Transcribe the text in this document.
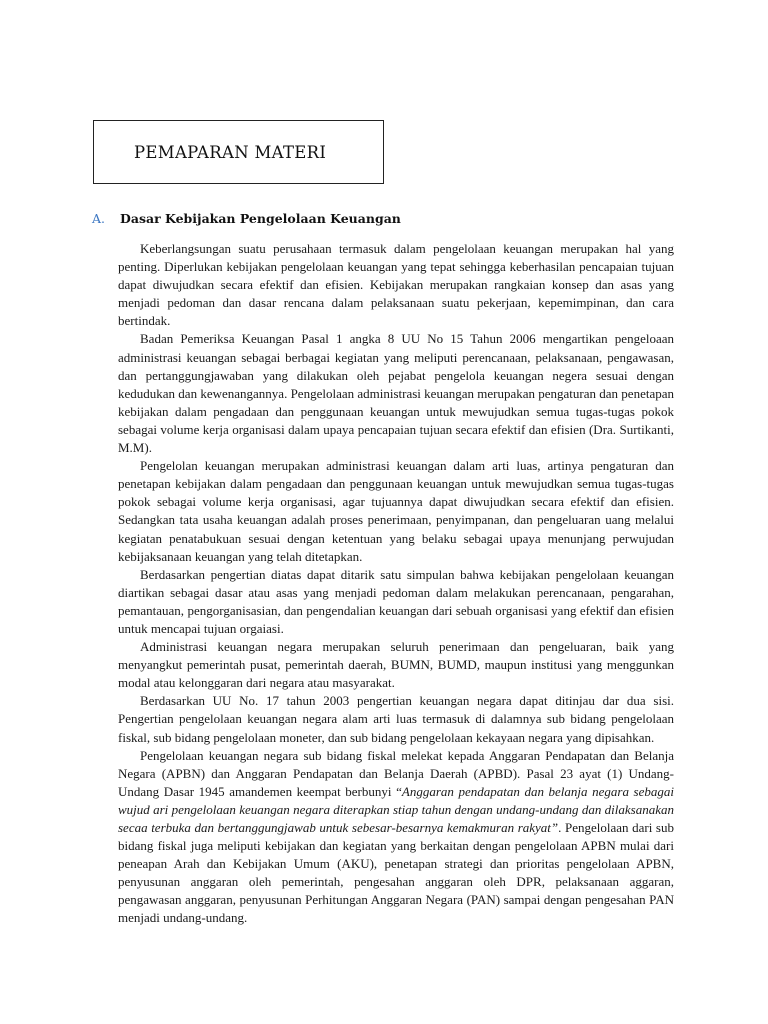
PEMAPARAN MATERI
A. Dasar Kebijakan Pengelolaan Keuangan

Keberlangsungan suatu perusahaan termasuk dalam pengelolaan keuangan merupakan hal yang penting. Diperlukan kebijakan pengelolaan keuangan yang tepat sehingga keberhasilan pencapaian tujuan dapat diwujudkan secara efektif dan efisien. Kebijakan merupakan rangkaian konsep dan asas yang menjadi pedoman dan dasar rencana dalam pelaksanaan suatu pekerjaan, kepemimpinan, dan cara bertindak.

Badan Pemeriksa Keuangan Pasal 1 angka 8 UU No 15 Tahun 2006 mengartikan pengeloaan administrasi keuangan sebagai berbagai kegiatan yang meliputi perencanaan, pelaksanaan, pengawasan, dan pertanggungjawaban yang dilakukan oleh pejabat pengelola keuangan negera sesuai dengan kedudukan dan kewenangannya. Pengelolaan administrasi keuangan merupakan pengaturan dan penetapan kebijakan dalam pengadaan dan penggunaan keuangan untuk mewujudkan semua tugas-tugas pokok sebagai volume kerja organisasi dalam upaya pencapaian tujuan secara efektif dan efisien (Dra. Surtikanti, M.M).

Pengelolan keuangan merupakan administrasi keuangan dalam arti luas, artinya pengaturan dan penetapan kebijakan dalam pengadaan dan penggunaan keuangan untuk mewujudkan semua tugas-tugas pokok sebagai volume kerja organisasi, agar tujuannya dapat diwujudkan secara efektif dan efisien. Sedangkan tata usaha keuangan adalah proses penerimaan, penyimpanan, dan pengeluaran uang melalui kegiatan penatabukuan sesuai dengan ketentuan yang belaku sebagai upaya menunjang perwujudan kebijaksanaan keuangan yang telah ditetapkan.

Berdasarkan pengertian diatas dapat ditarik satu simpulan bahwa kebijakan pengelolaan keuangan diartikan sebagai dasar atau asas yang menjadi pedoman dalam melakukan perencanaan, pengarahan, pemantauan, pengorganisasian, dan pengendalian keuangan dari sebuah organisasi yang efektif dan efisien untuk mencapai tujuan orgaiasi.

Administrasi keuangan negara merupakan seluruh penerimaan dan pengeluaran, baik yang menyangkut pemerintah pusat, pemerintah daerah, BUMN, BUMD, maupun institusi yang menggunkan modal atau kelonggaran dari negara atau masyarakat.

Berdasarkan UU No. 17 tahun 2003 pengertian keuangan negara dapat ditinjau dar dua sisi. Pengertian pengelolaan keuangan negara alam arti luas termasuk di dalamnya sub bidang pengelolaan fiskal, sub bidang pengelolaan moneter, dan sub bidang pengelolaan kekayaan negara yang dipisahkan.

Pengelolaan keuangan negara sub bidang fiskal melekat kepada Anggaran Pendapatan dan Belanja Negara (APBN) dan Anggaran Pendapatan dan Belanja Daerah (APBD). Pasal 23 ayat (1) Undang-Undang Dasar 1945 amandemen keempat berbunyi “Anggaran pendapatan dan belanja negara sebagai wujud ari pengelolaan keuangan negara diterapkan stiap tahun dengan undang-undang dan dilaksanakan secaa terbuka dan bertanggungjawab untuk sebesar-besarnya kemakmuran rakyat”. Pengelolaan dari sub bidang fiskal juga meliputi kebijakan dan kegiatan yang berkaitan dengan pengelolaan APBN mulai dari peneapan Arah dan Kebijakan Umum (AKU), penetapan strategi dan prioritas pengelolaan APBN, penyusunan anggaran oleh pemerintah, pengesahan anggaran oleh DPR, pelaksanaan aggaran, pengawasan anggaran, penyusunan Perhitungan Anggaran Negara (PAN) sampai dengan pengesahan PAN menjadi undang-undang.
